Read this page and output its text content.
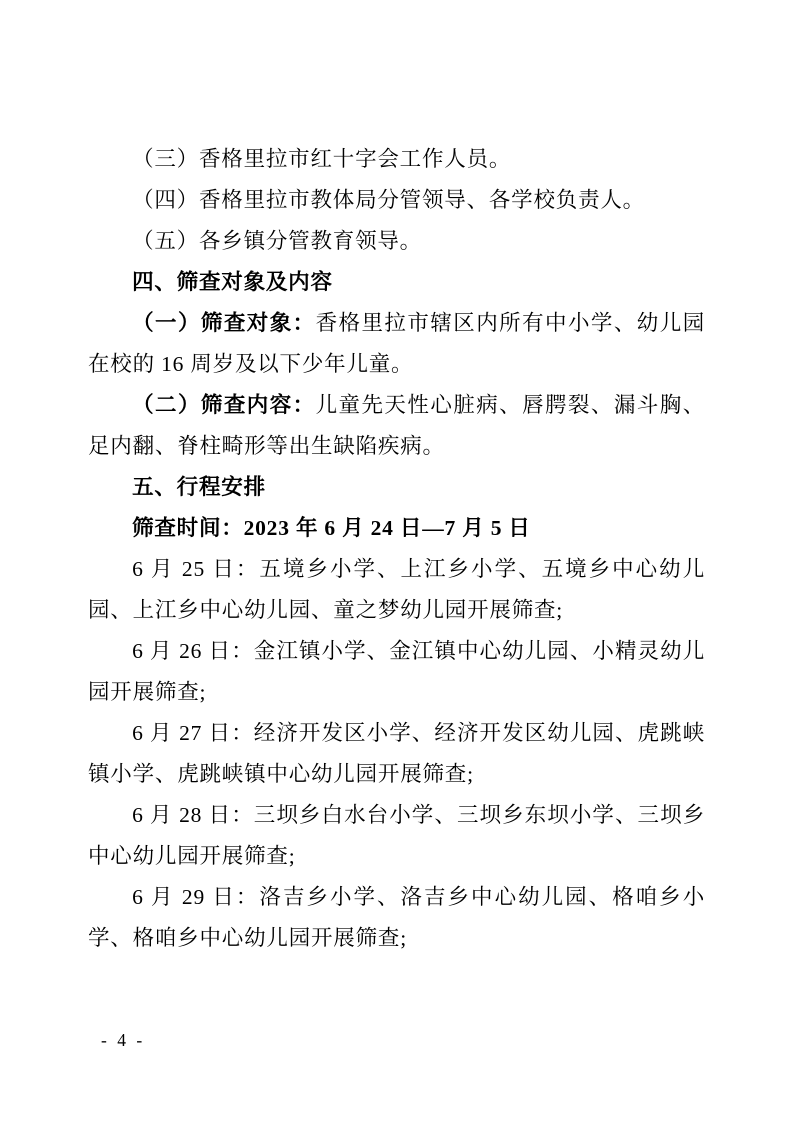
（三）香格里拉市红十字会工作人员。

（四）香格里拉市教体局分管领导、各学校负责人。

（五）各乡镇分管教育领导。

四、筛查对象及内容

（一）筛查对象：香格里拉市辖区内所有中小学、幼儿园在校的 16 周岁及以下少年儿童。

（二）筛查内容：儿童先天性心脏病、唇腭裂、漏斗胸、足内翻、脊柱畸形等出生缺陷疾病。

五、行程安排

筛查时间：2023 年 6 月 24 日—7 月 5 日

6 月 25 日：五境乡小学、上江乡小学、五境乡中心幼儿园、上江乡中心幼儿园、童之梦幼儿园开展筛查;

6 月 26 日：金江镇小学、金江镇中心幼儿园、小精灵幼儿园开展筛查;

6 月 27 日：经济开发区小学、经济开发区幼儿园、虎跳峡镇小学、虎跳峡镇中心幼儿园开展筛查;

6 月 28 日：三坝乡白水台小学、三坝乡东坝小学、三坝乡中心幼儿园开展筛查;

6 月 29 日：洛吉乡小学、洛吉乡中心幼儿园、格咱乡小学、格咱乡中心幼儿园开展筛查;

- 4 -
